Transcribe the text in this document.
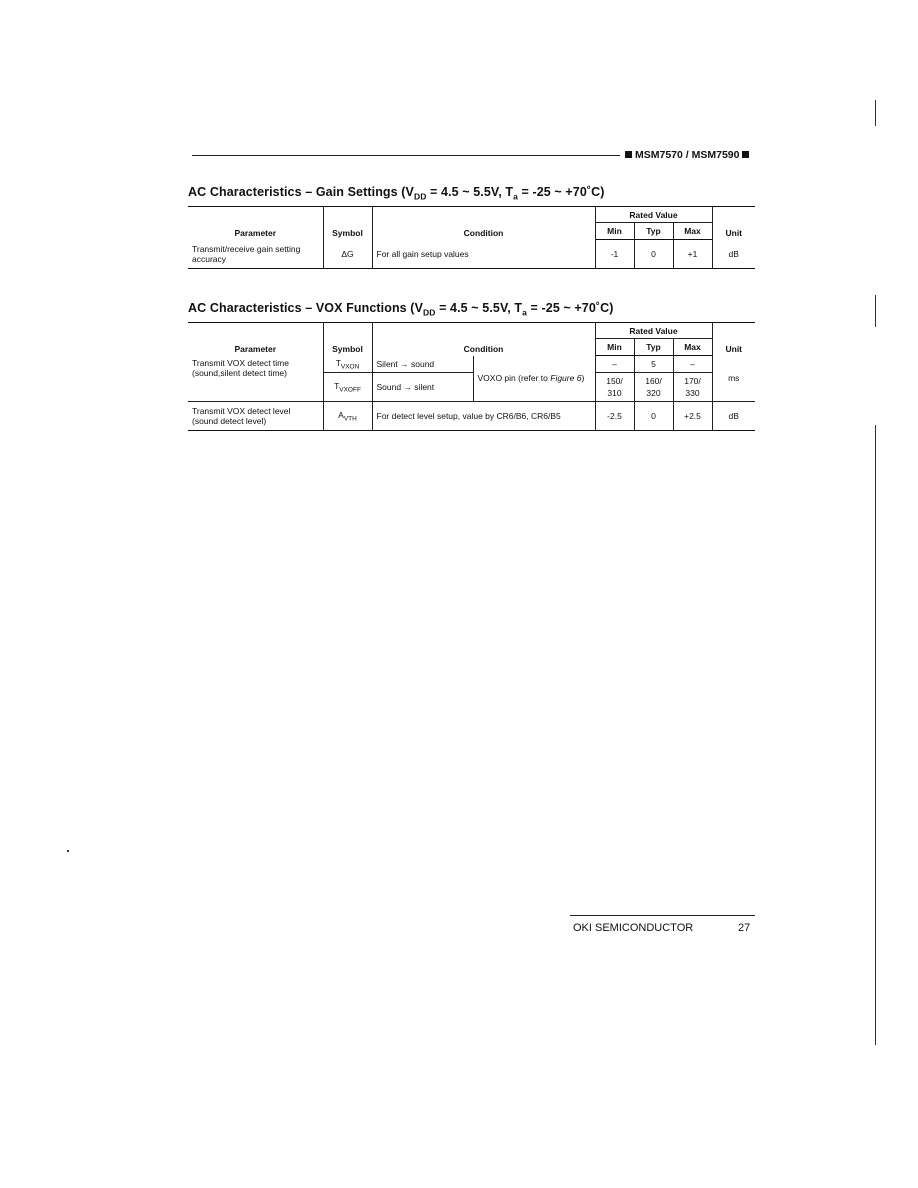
MSM7570 / MSM7590
AC Characteristics – Gain Settings ($V_{DD} = 4.5$ ~ 5.5V, $T_a = -25$ ~ +70˚C)
Parameter	Symbol	Condition	Rated Value			Unit
			Min	Typ	Max	
Transmit/receive gain setting accuracy	ΔG	For all gain setup values	-1	0	+1	dB
AC Characteristics – VOX Functions ($V_{DD} = 4.5$ ~ 5.5V, $T_a = -25$ ~ +70˚C)
Parameter	Symbol	Condition		Rated Value			Unit
				Min	Typ	Max	
Transmit VOX detect time (sound,silent detect time)	$T_{VXON}$	Silent → sound	VOXO pin (refer to Figure 6)	–	5	–	ms
	$T_{VXOFF}$	Sound → silent		150/ 310	160/ 320	170/ 330	
Transmit VOX detect level (sound detect level)	$A_{VTH}$	For detect level setup, value by CR6/B6, CR6/B5		-2.5	0	+2.5	dB
OKI SEMICONDUCTOR	27
